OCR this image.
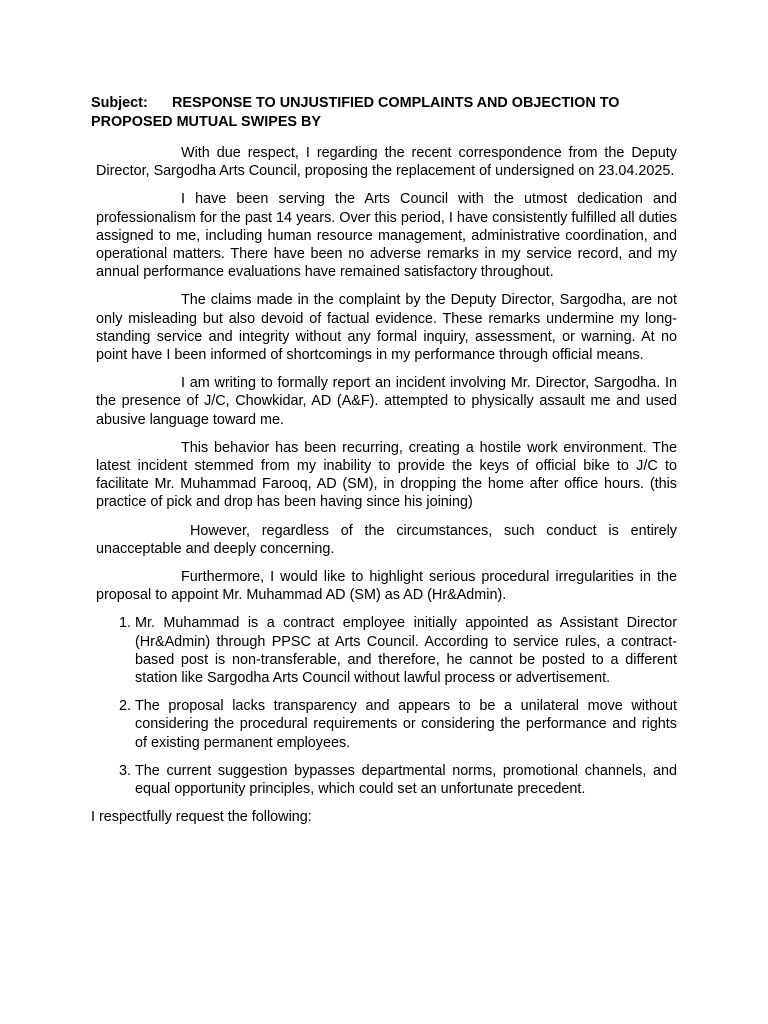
Subject: RESPONSE TO UNJUSTIFIED COMPLAINTS AND OBJECTION TO PROPOSED MUTUAL SWIPES BY

With due respect, I regarding the recent correspondence from the Deputy Director, Sargodha Arts Council, proposing the replacement of undersigned on 23.04.2025.

I have been serving the Arts Council with the utmost dedication and professionalism for the past 14 years. Over this period, I have consistently fulfilled all duties assigned to me, including human resource management, administrative coordination, and operational matters. There have been no adverse remarks in my service record, and my annual performance evaluations have remained satisfactory throughout.

The claims made in the complaint by the Deputy Director, Sargodha, are not only misleading but also devoid of factual evidence. These remarks undermine my long-standing service and integrity without any formal inquiry, assessment, or warning. At no point have I been informed of shortcomings in my performance through official means.

I am writing to formally report an incident involving Mr. Director, Sargodha. In the presence of J/C, Chowkidar, AD (A&F). attempted to physically assault me and used abusive language toward me.

This behavior has been recurring, creating a hostile work environment. The latest incident stemmed from my inability to provide the keys of official bike to J/C to facilitate Mr. Muhammad Farooq, AD (SM), in dropping the home after office hours. (this practice of pick and drop has been having since his joining)

However, regardless of the circumstances, such conduct is entirely unacceptable and deeply concerning.

Furthermore, I would like to highlight serious procedural irregularities in the proposal to appoint Mr. Muhammad AD (SM) as AD (Hr&Admin).

1. Mr. Muhammad is a contract employee initially appointed as Assistant Director (Hr&Admin) through PPSC at Arts Council. According to service rules, a contract-based post is non-transferable, and therefore, he cannot be posted to a different station like Sargodha Arts Council without lawful process or advertisement.
2. The proposal lacks transparency and appears to be a unilateral move without considering the procedural requirements or considering the performance and rights of existing permanent employees.
3. The current suggestion bypasses departmental norms, promotional channels, and equal opportunity principles, which could set an unfortunate precedent.

I respectfully request the following:
